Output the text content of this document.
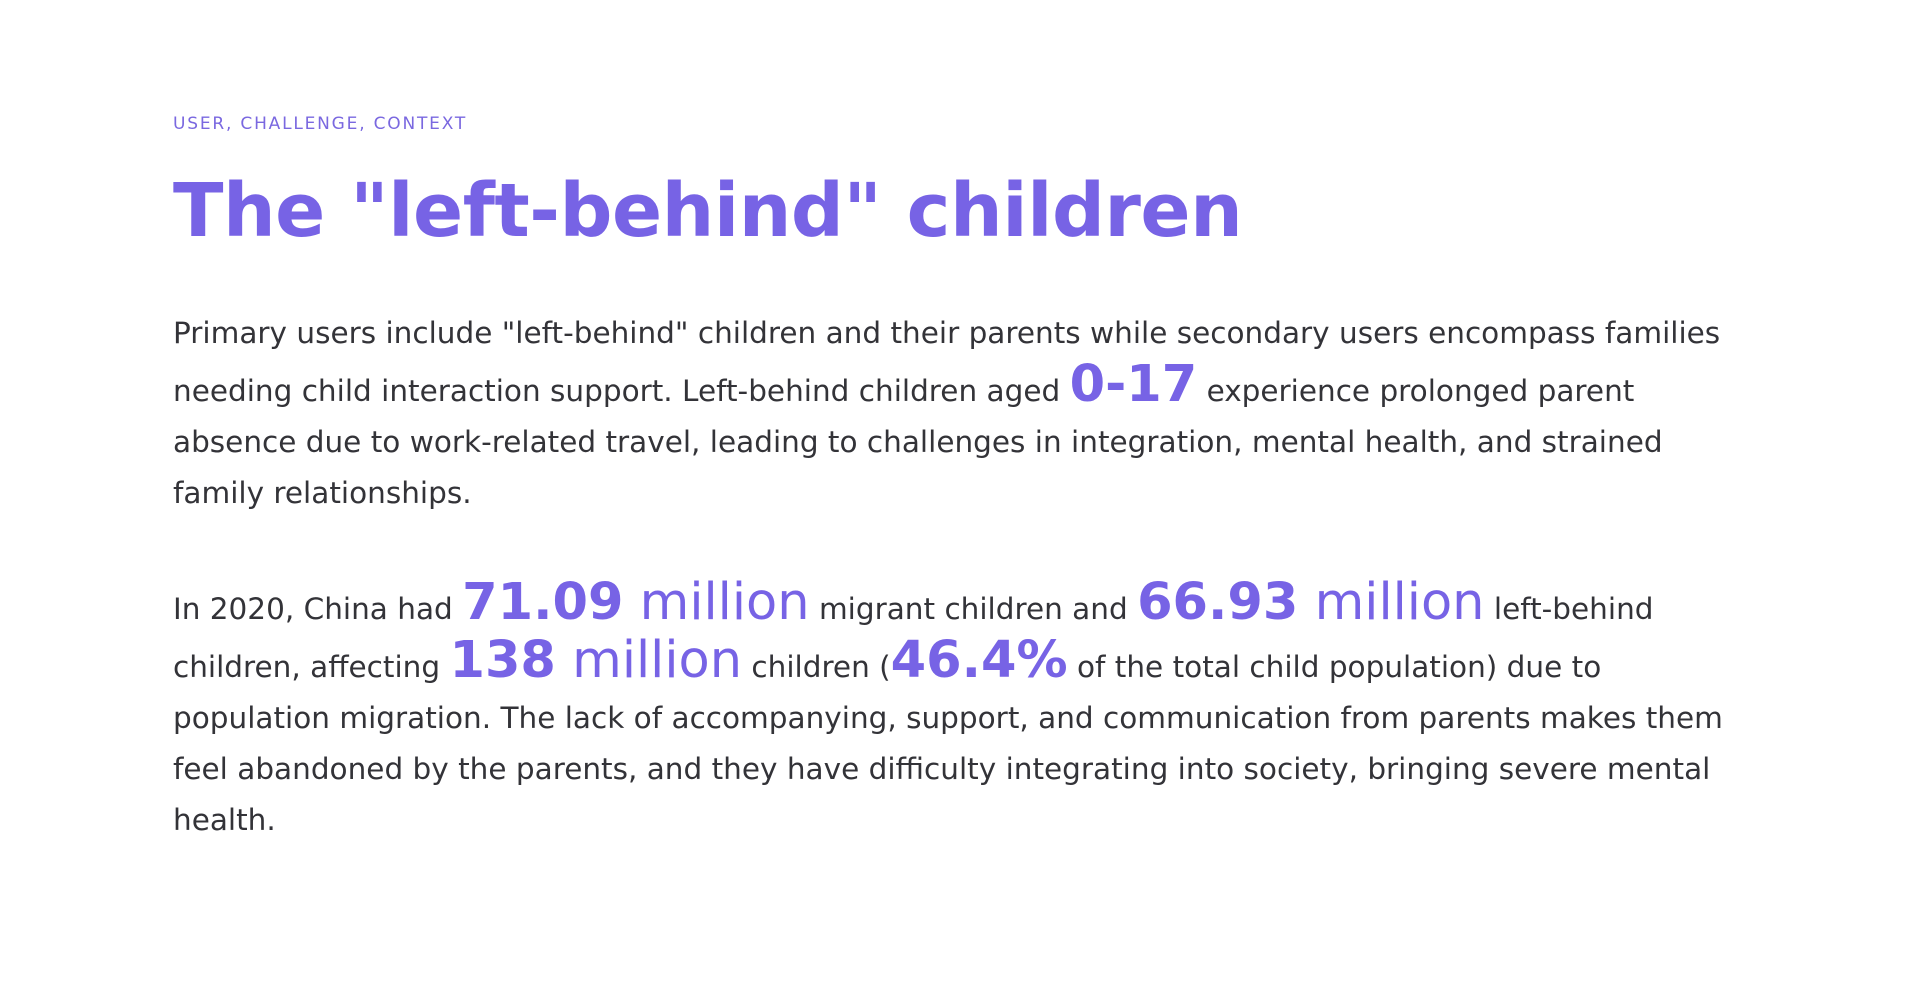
USER, CHALLENGE, CONTEXT
The "left-behind" children

Primary users include "left-behind" children and their parents while secondary users encompass families needing child interaction support. Left-behind children aged 0-17 experience prolonged parent absence due to work-related travel, leading to challenges in integration, mental health, and strained family relationships.

In 2020, China had 71.09 million migrant children and 66.93 million left-behind children, affecting 138 million children (46.4% of the total child population) due to population migration. The lack of accompanying, support, and communication from parents makes them feel abandoned by the parents, and they have difficulty integrating into society, bringing severe mental health.
